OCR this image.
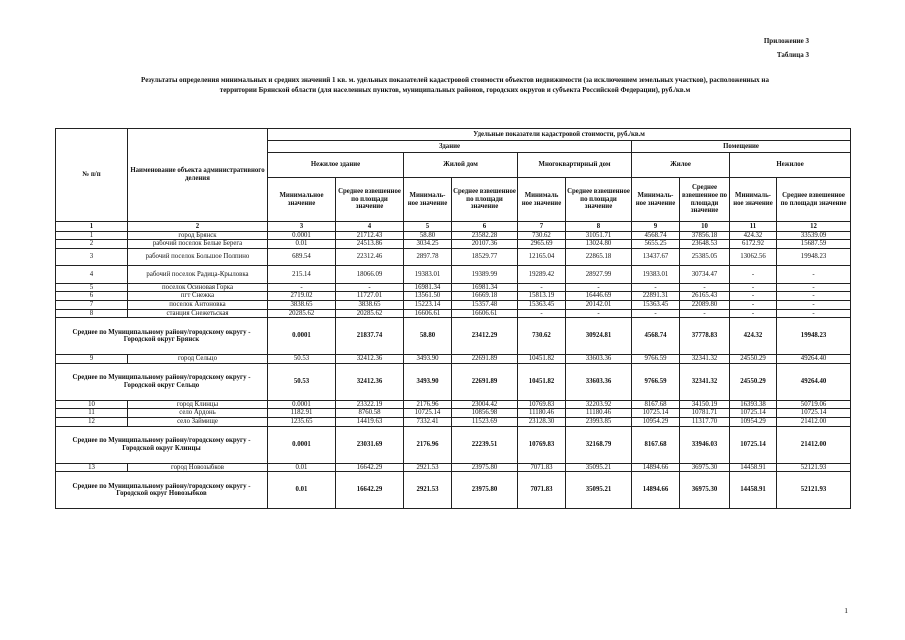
Приложение 3
Таблица 3
Результаты определения минимальных и средних значений 1 кв. м. удельных показателей кадастровой стоимости объектов недвижимости (за исключением земельных участков), расположенных на территории Брянской области (для населенных пунктов, муниципальных районов, городских округов и субъекта Российской Федерации), руб./кв.м
№ п/п	Наименование объекта административного деления	Удельные показатели кадастровой стоимости, руб./кв.м									
		Здание						Помещение			
		Нежилое здание		Жилой дом		Многоквартирный дом		Жилое		Нежилое	
		Минимальное значение	Среднее взвешенное по площади значение	Минималь-ное значение	Среднее взвешенное по площади значение	Минималь ное значение	Среднее взвешенное по площади значение	Минималь-ное значение	Среднее взвешенное по площади значение	Минималь-ное значение	Среднее взвешенное по площади значение
1	2	3	4	5	6	7	8	9	10	11	12
1	город Брянск	0.0001	21712.43	58.80	23582.28	730.62	31051.71	4568.74	37856.18	424.32	33539.09
2	рабочий поселок Белые Берега	0.01	24513.86	3034.25	20107.36	2965.69	13024.80	5655.25	23648.53	6172.92	15687.59
3	рабочий поселок Большое Полпино	689.54	22312.46	2897.78	18529.77	12165.04	22865.18	13437.67	25385.05	13062.56	19948.23
4	рабочий поселок Радица-Крыловка	215.14	18066.09	19383.01	19389.99	19289.42	28927.99	19383.01	30734.47	-	-
5	поселок Осиновая Горка	-	-	16981.34	16981.34	-	-	-	-	-	-
6	пгт Снежка	2719.02	11727.01	13561.50	16669.18	15813.19	16446.69	22891.31	26165.43	-	-
7	поселок Антоновка	3838.65	3838.65	15223.14	15357.48	15363.45	20142.01	15363.45	22089.80	-	-
8	станция Снежетьская	20285.62	20285.62	16606.61	16606.61	-	-	-	-	-	-
Среднее по Муниципальному району/городскому округу - Городской округ Брянск		0.0001	21837.74	58.80	23412.29	730.62	30924.81	4568.74	37778.83	424.32	19948.23
9	город Сельцо	50.53	32412.36	3493.90	22691.89	10451.82	33603.36	9766.59	32341.32	24550.29	49264.40
Среднее по Муниципальному району/городскому округу - Городской округ Сельцо		50.53	32412.36	3493.90	22691.89	10451.82	33603.36	9766.59	32341.32	24550.29	49264.40
10	город Клинцы	0.0001	23322.19	2176.96	23004.42	10769.83	32203.92	8167.68	34150.19	16393.38	50719.06
11	село Ардонь	1182.91	8760.58	10725.14	10856.98	11180.46	11180.46	10725.14	10781.71	10725.14	10725.14
12	село Займище	1235.65	14419.63	7332.41	11523.69	23128.30	23993.85	10954.29	11317.70	10954.29	21412.00
Среднее по Муниципальному району/городскому округу - Городской округ Клинцы		0.0001	23031.69	2176.96	22239.51	10769.83	32168.79	8167.68	33946.03	10725.14	21412.00
13	город Новозыбков	0.01	16642.29	2921.53	23975.80	7071.83	35095.21	14894.66	36975.30	14458.91	52121.93
Среднее по Муниципальному району/городскому округу - Городской округ Новозыбков		0.01	16642.29	2921.53	23975.80	7071.83	35095.21	14894.66	36975.30	14458.91	52121.93
1
